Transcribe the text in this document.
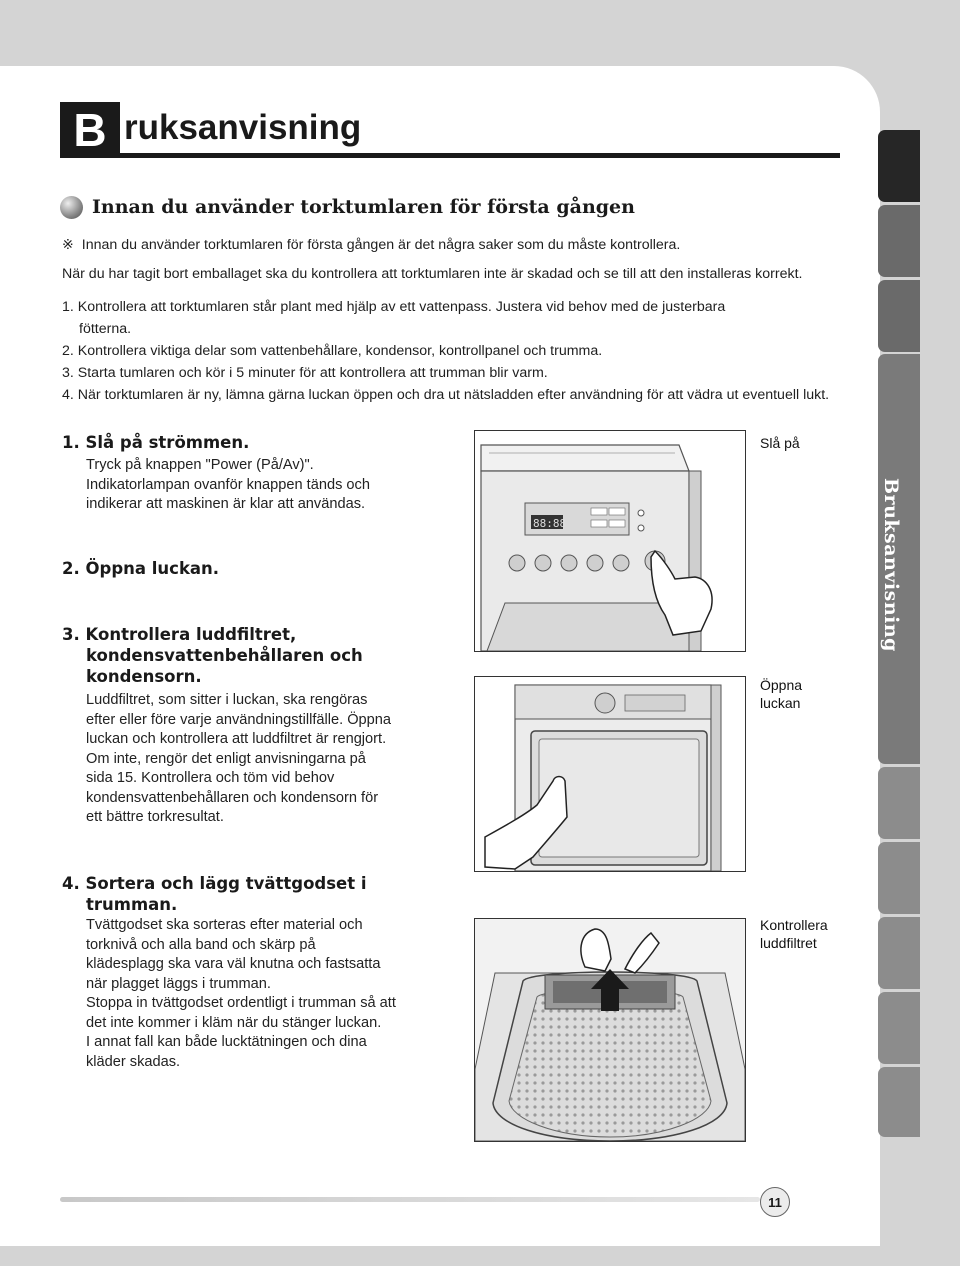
Bruksanvisning
B ruksanvisning
Innan du använder torktumlaren för första gången
※ Innan du använder torktumlaren för första gången är det några saker som du måste kontrollera.
När du har tagit bort emballaget ska du kontrollera att torktumlaren inte är skadad och se till att den installeras korrekt.
1. Kontrollera att torktumlaren står plant med hjälp av ett vattenpass. Justera vid behov med de justerbara
fötterna.
2. Kontrollera viktiga delar som vattenbehållare, kondensor, kontrollpanel och trumma.
3. Starta tumlaren och kör i 5 minuter för att kontrollera att trumman blir varm.
4. När torktumlaren är ny, lämna gärna luckan öppen och dra ut nätsladden efter användning för att vädra ut eventuell lukt.
1. Slå på strömmen.
Tryck på knappen "Power (På/Av)".
Indikatorlampan ovanför knappen tänds och
indikerar att maskinen är klar att användas.
2. Öppna luckan.
3. Kontrollera luddfiltret,
kondensvattenbehållaren och
kondensorn.
Luddfiltret, som sitter i luckan, ska rengöras
efter eller före varje användningstillfälle. Öppna
luckan och kontrollera att luddfiltret är rengjort.
Om inte, rengör det enligt anvisningarna på
sida 15. Kontrollera och töm vid behov
kondensvattenbehållaren och kondensorn för
ett bättre torkresultat.
4. Sortera och lägg tvättgodset i
trumman.
Tvättgodset ska sorteras efter material och
torknivå och alla band och skärp på
klädesplagg ska vara väl knutna och fastsatta
när plagget läggs i trumman.
Stoppa in tvättgodset ordentligt i trumman så att
det inte kommer i kläm när du stänger luckan.
I annat fall kan både lucktätningen och dina
kläder skadas.
88:88
Slå på
Öppna
luckan
Kontrollera
luddfiltret
11
